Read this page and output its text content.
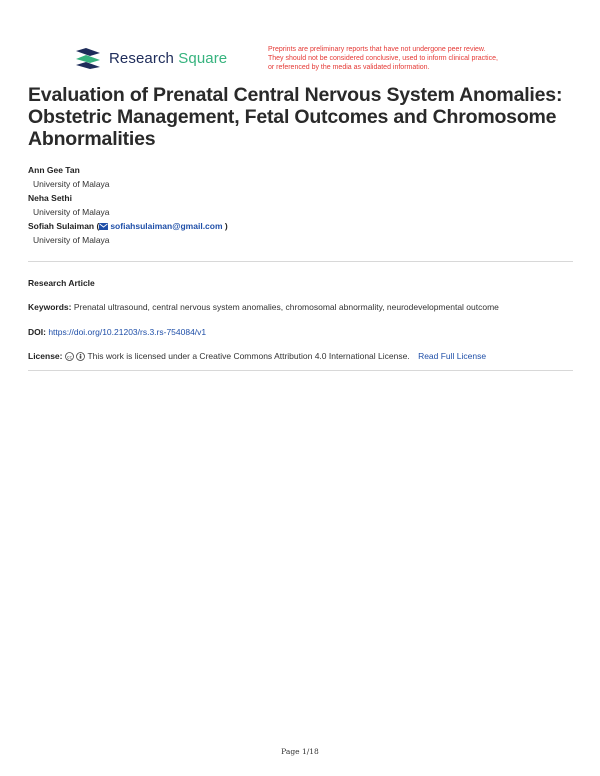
Research Square	Preprints are preliminary reports that have not undergone peer review.
They should not be considered conclusive, used to inform clinical practice,
or referenced by the media as validated information.
Evaluation of Prenatal Central Nervous System Anomalies: Obstetric Management, Fetal Outcomes and Chromosome Abnormalities
Ann Gee Tan
University of Malaya
Neha Sethi
University of Malaya
Sofiah Sulaiman ( sofiahsulaiman@gmail.com )
University of Malaya
Research Article
Keywords: Prenatal ultrasound, central nervous system anomalies, chromosomal abnormality, neurodevelopmental outcome
DOI: https://doi.org/10.21203/rs.3.rs-754084/v1
License: cc This work is licensed under a Creative Commons Attribution 4.0 International License. Read Full License
Page 1/18
